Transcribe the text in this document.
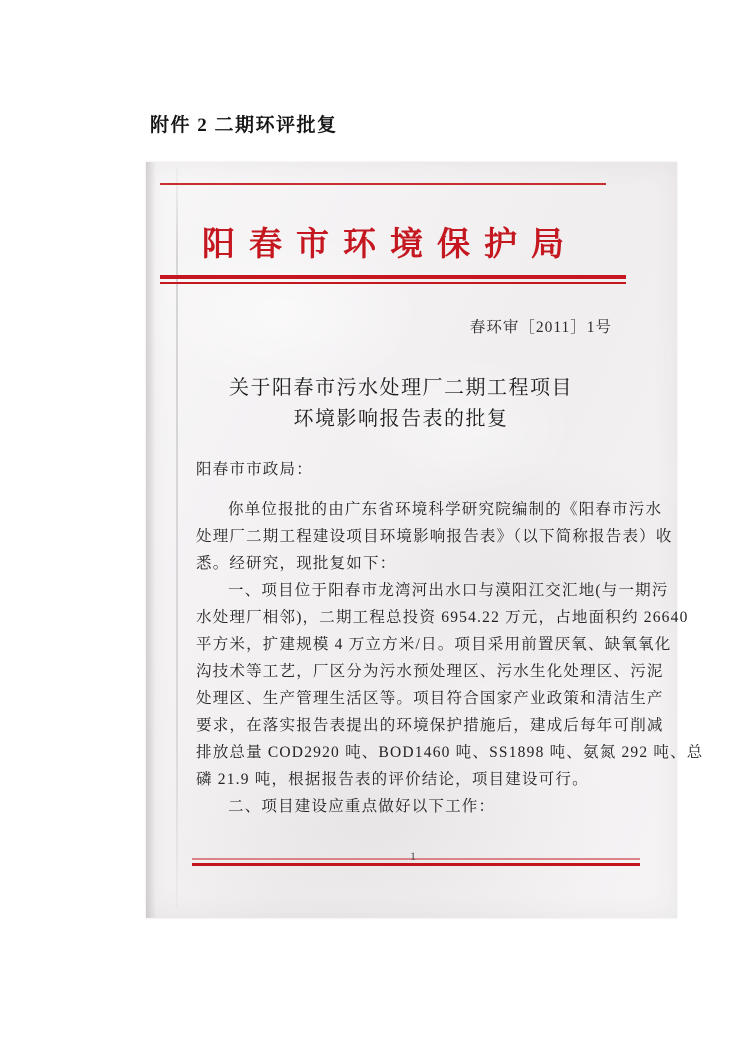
附件 2 二期环评批复
阳春市环境保护局
春环审［2011］1号
关于阳春市污水处理厂二期工程项目
环境影响报告表的批复
阳春市市政局：
你单位报批的由广东省环境科学研究院编制的《阳春市污水
处理厂二期工程建设项目环境影响报告表》（以下简称报告表）收
悉。经研究，现批复如下：
一、项目位于阳春市龙湾河出水口与漠阳江交汇地(与一期污
水处理厂相邻)，二期工程总投资 6954.22 万元，占地面积约 26640
平方米，扩建规模 4 万立方米/日。项目采用前置厌氧、缺氧氧化
沟技术等工艺，厂区分为污水预处理区、污水生化处理区、污泥
处理区、生产管理生活区等。项目符合国家产业政策和清洁生产
要求，在落实报告表提出的环境保护措施后，建成后每年可削减
排放总量 COD2920 吨、BOD1460 吨、SS1898 吨、氨氮 292 吨、总
磷 21.9 吨，根据报告表的评价结论，项目建设可行。
二、项目建设应重点做好以下工作：
1
